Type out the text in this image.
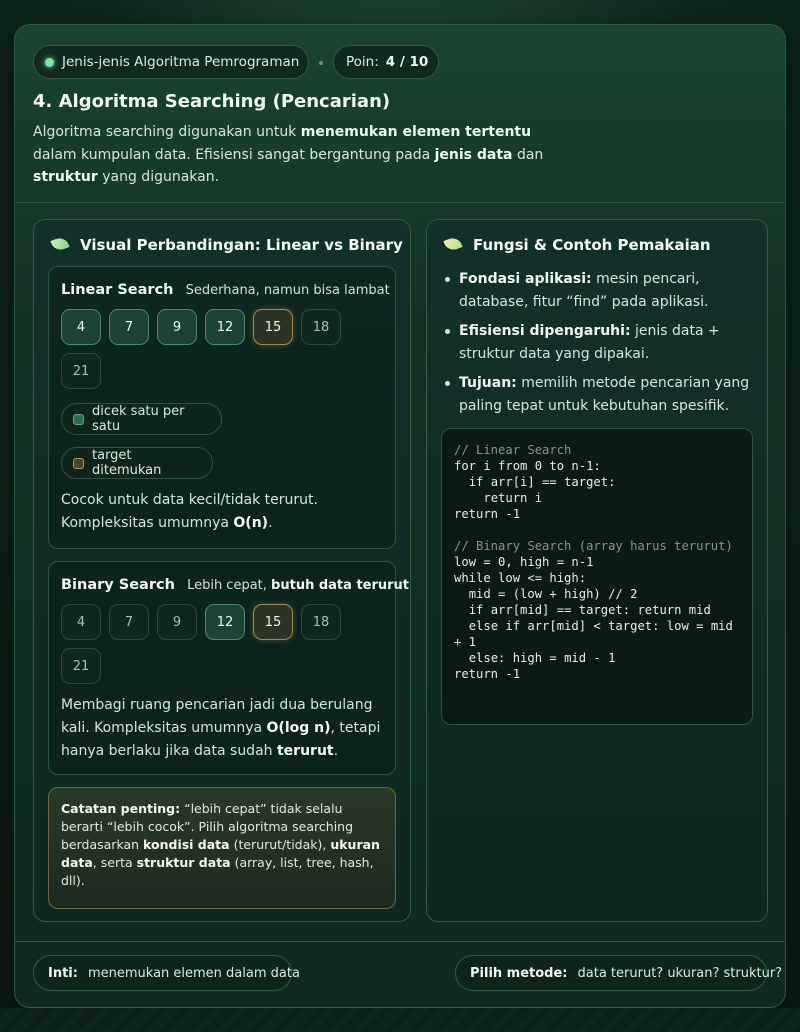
Jenis-jenis Algoritma Pemrograman	Poin: 4 / 10
4. Algoritma Searching (Pencarian)
Algoritma searching digunakan untuk menemukan elemen tertentu dalam kumpulan data. Efisiensi sangat bergantung pada jenis data dan struktur yang digunakan.
Visual Perbandingan: Linear vs Binary
Linear Search Sederhana, namun bisa lambat
4	7	9	12	15	18
21
dicek satu per satu
target ditemukan
Cocok untuk data kecil/tidak terurut. Kompleksitas umumnya O(n).
Binary Search Lebih cepat, butuh data terurut
4	7	9	12	15	18
21
Membagi ruang pencarian jadi dua berulang kali. Kompleksitas umumnya O(log n), tetapi hanya berlaku jika data sudah terurut.
Catatan penting: “lebih cepat” tidak selalu berarti “lebih cocok”. Pilih algoritma searching berdasarkan kondisi data (terurut/tidak), ukuran data, serta struktur data (array, list, tree, hash, dll).
Fungsi & Contoh Pemakaian
Fondasi aplikasi: mesin pencari, database, fitur “find” pada aplikasi.
Efisiensi dipengaruhi: jenis data + struktur data yang dipakai.
Tujuan: memilih metode pencarian yang paling tepat untuk kebutuhan spesifik.
// Linear Search
for i from 0 to n-1:
if arr[i] == target:
return i
return -1
// Binary Search (array harus terurut)
low = 0, high = n-1
while low <= high:
mid = (low + high) // 2
if arr[mid] == target: return mid
else if arr[mid] < target: low = mid + 1
else: high = mid - 1
return -1
Inti: menemukan elemen dalam data	Pilih metode: data terurut? ukuran? struktur?
